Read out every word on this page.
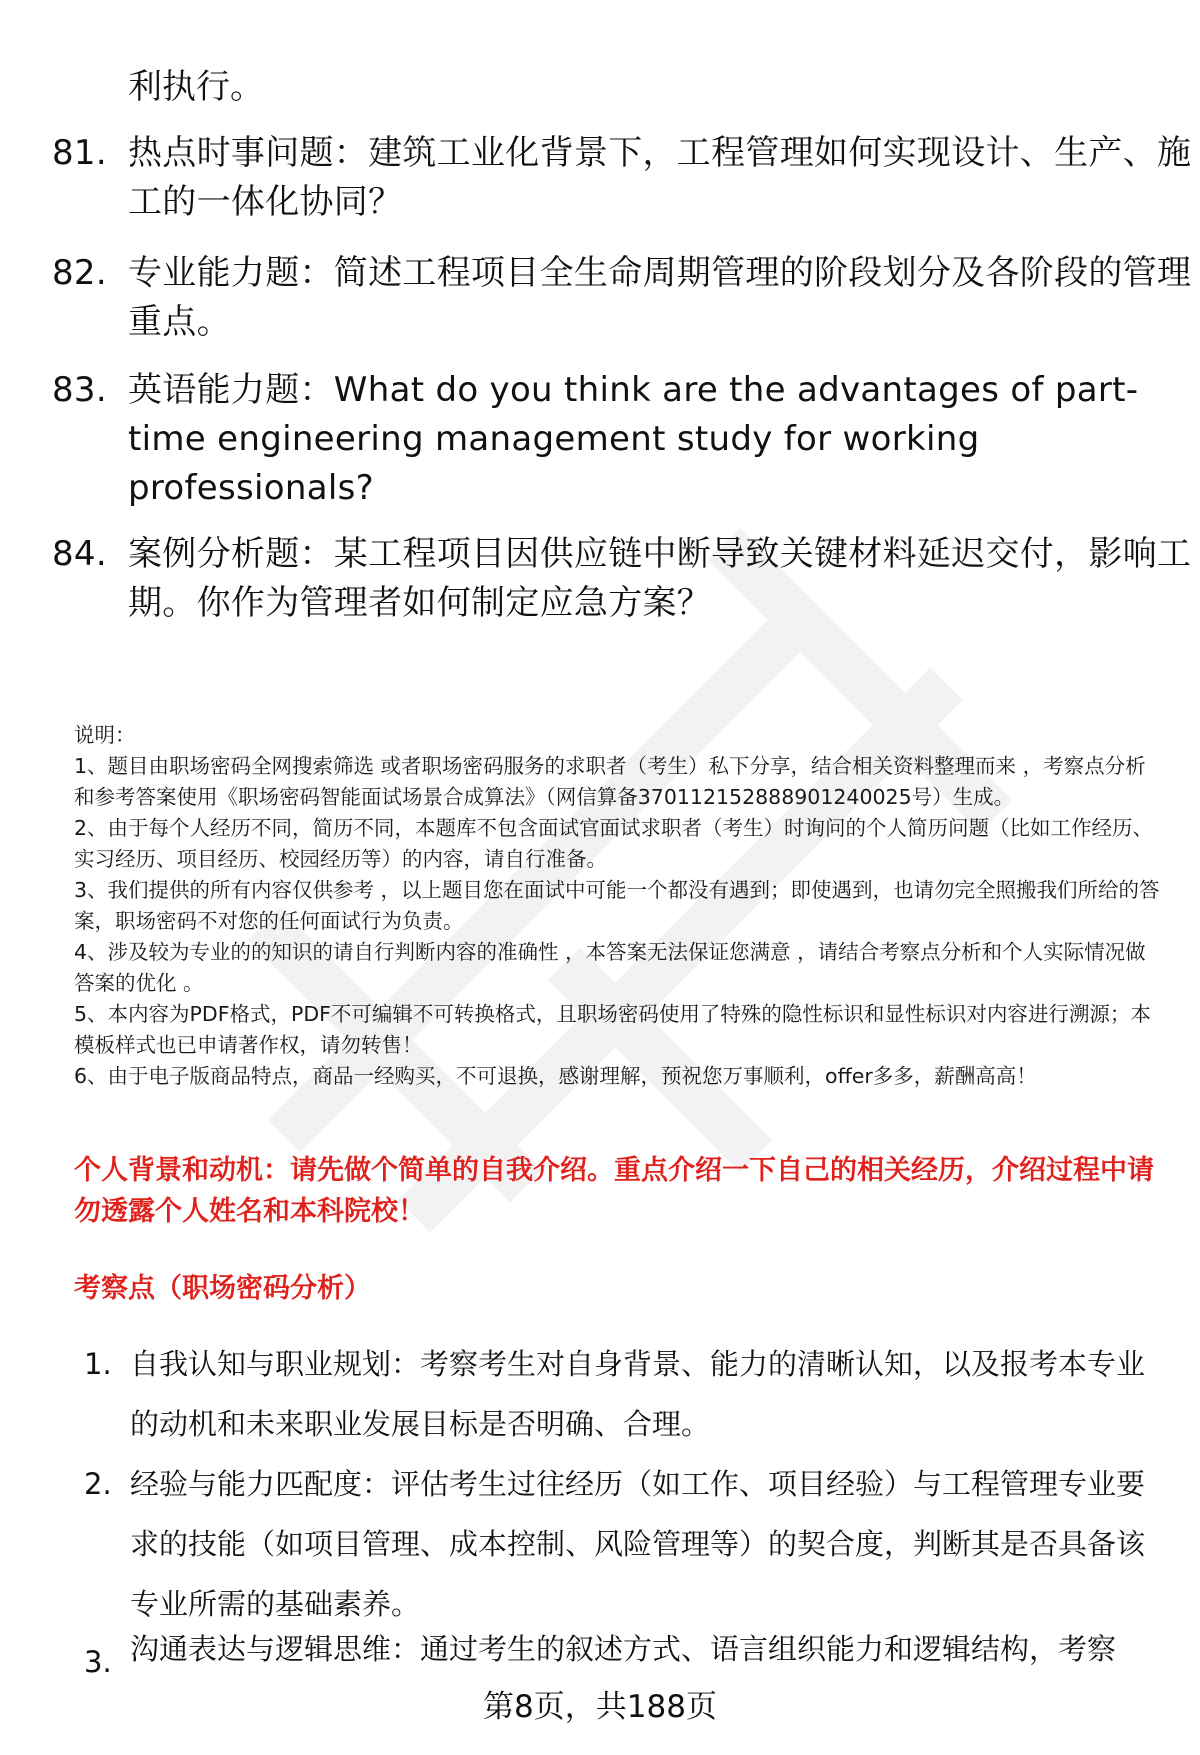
利执行。
81. 热点时事问题：建筑工业化背景下，工程管理如何实现设计、生产、施工的一体化协同？
82. 专业能力题：简述工程项目全生命周期管理的阶段划分及各阶段的管理重点。
83. 英语能力题：What do you think are the advantages of part-time engineering management study for working professionals?
84. 案例分析题：某工程项目因供应链中断导致关键材料延迟交付，影响工期。你作为管理者如何制定应急方案？

说明：

1、题目由职场密码全网搜索筛选 或者职场密码服务的求职者（考生）私下分享，结合相关资料整理而来 ，考察点分析和参考答案使用《职场密码智能面试场景合成算法》（网信算备370112152888901240025号）生成。

2、由于每个人经历不同，简历不同，本题库不包含面试官面试求职者（考生）时询问的个人简历问题（比如工作经历、实习经历、项目经历、校园经历等）的内容，请自行准备。

3、我们提供的所有内容仅供参考 ，以上题目您在面试中可能一个都没有遇到；即使遇到，也请勿完全照搬我们所给的答案，职场密码不对您的任何面试行为负责。

4、涉及较为专业的的知识的请自行判断内容的准确性 ，本答案无法保证您满意 ，请结合考察点分析和个人实际情况做答案的优化 。

5、本内容为PDF格式，PDF不可编辑不可转换格式，且职场密码使用了特殊的隐性标识和显性标识对内容进行溯源；本模板样式也已申请著作权，请勿转售！

6、由于电子版商品特点，商品一经购买，不可退换，感谢理解，预祝您万事顺利，offer多多，薪酬高高！

个人背景和动机：请先做个简单的自我介绍。重点介绍一下自己的相关经历，介绍过程中请勿透露个人姓名和本科院校！
考察点（职场密码分析）
1. 自我认知与职业规划：考察考生对自身背景、能力的清晰认知，以及报考本专业的动机和未来职业发展目标是否明确、合理。
2. 经验与能力匹配度：评估考生过往经历（如工作、项目经验）与工程管理专业要求的技能（如项目管理、成本控制、风险管理等）的契合度，判断其是否具备该专业所需的基础素养。
3. 沟通表达与逻辑思维：通过考生的叙述方式、语言组织能力和逻辑结构，考察
第8页，共188页
